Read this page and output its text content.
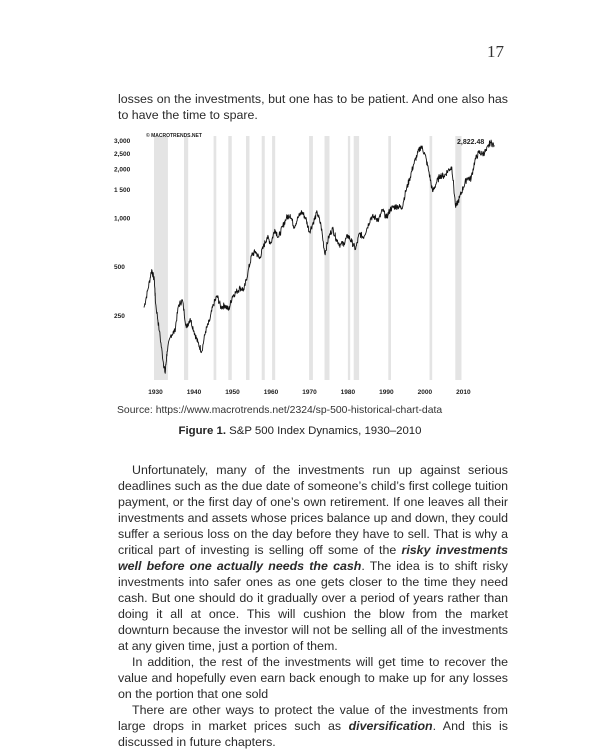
17

losses on the investments, but one has to be patient. And one also has to have the time to spare.

3,000
2,500
2,000
1 500
1,000
500
250
1930	1940	1950	1960	1970	1980	1990	2000	2010
© MACROTRENDS.NET
2,822.48
Source: https://www.macrotrends.net/2324/sp-500-historical-chart-data
Figure 1. S&P 500 Index Dynamics, 1930–2010

Unfortunately, many of the investments run up against serious deadlines such as the due date of someone’s child’s first college tuition payment, or the first day of one’s own retirement. If one leaves all their investments and assets whose prices balance up and down, they could suffer a serious loss on the day before they have to sell. That is why a critical part of investing is selling off some of the risky investments well before one actually needs the cash. The idea is to shift risky investments into safer ones as one gets closer to the time they need cash. But one should do it gradually over a period of years rather than doing it all at once. This will cushion the blow from the market downturn because the investor will not be selling all of the investments at any given time, just a portion of them.

In addition, the rest of the investments will get time to recover the value and hopefully even earn back enough to make up for any losses on the portion that one sold

There are other ways to protect the value of the investments from large drops in market prices such as diversification. And this is discussed in future chapters.
